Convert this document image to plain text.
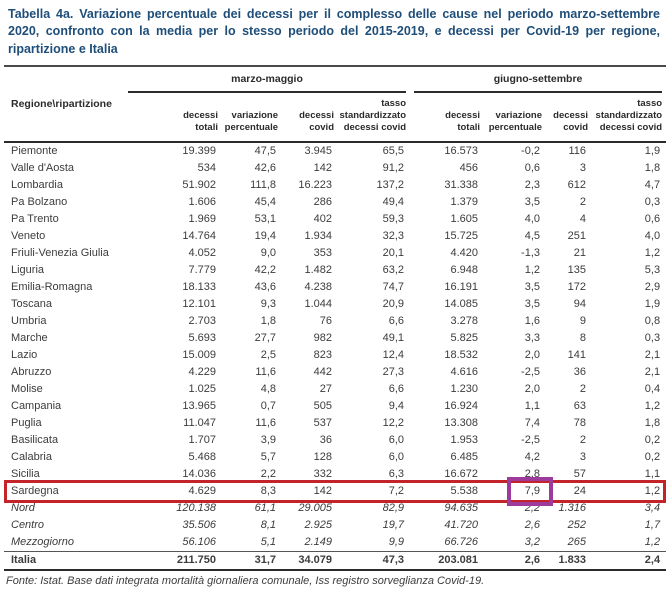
Tabella 4a. Variazione percentuale dei decessi per il complesso delle cause nel periodo marzo-settembre 2020, confronto con la media per lo stesso periodo del 2015-2019, e decessi per Covid-19 per regione, ripartizione e Italia
Regione\ripartizione	marzo-maggio				giugno-settembre			

	decessi totali	variazione percentuale	decessi covid	tasso standardizzato decessi covid	decessi totali	variazione percentuale	decessi covid	tasso standardizzato decessi covid
Piemonte	19.399	47,5	3.945	65,5	16.573	-0,2	116	1,9
Valle d'Aosta	534	42,6	142	91,2	456	0,6	3	1,8
Lombardia	51.902	111,8	16.223	137,2	31.338	2,3	612	4,7
Pa Bolzano	1.606	45,4	286	49,4	1.379	3,5	2	0,3
Pa Trento	1.969	53,1	402	59,3	1.605	4,0	4	0,6
Veneto	14.764	19,4	1.934	32,3	15.725	4,5	251	4,0
Friuli-Venezia Giulia	4.052	9,0	353	20,1	4.420	-1,3	21	1,2
Liguria	7.779	42,2	1.482	63,2	6.948	1,2	135	5,3
Emilia-Romagna	18.133	43,6	4.238	74,7	16.191	3,5	172	2,9
Toscana	12.101	9,3	1.044	20,9	14.085	3,5	94	1,9
Umbria	2.703	1,8	76	6,6	3.278	1,6	9	0,8
Marche	5.693	27,7	982	49,1	5.825	3,3	8	0,3
Lazio	15.009	2,5	823	12,4	18.532	2,0	141	2,1
Abruzzo	4.229	11,6	442	27,3	4.616	-2,5	36	2,1
Molise	1.025	4,8	27	6,6	1.230	2,0	2	0,4
Campania	13.965	0,7	505	9,4	16.924	1,1	63	1,2
Puglia	11.047	11,6	537	12,2	13.308	7,4	78	1,8
Basilicata	1.707	3,9	36	6,0	1.953	-2,5	2	0,2
Calabria	5.468	5,7	128	6,0	6.485	4,2	3	0,2
Sicilia	14.036	2,2	332	6,3	16.672	2,8	57	1,1
Sardegna	4.629	8,3	142	7,2	5.538	7,9	24	1,2
Nord	120.138	61,1	29.005	82,9	94.635	2,2	1.316	3,4
Centro	35.506	8,1	2.925	19,7	41.720	2,6	252	1,7
Mezzogiorno	56.106	5,1	2.149	9,9	66.726	3,2	265	1,2
Italia	211.750	31,7	34.079	47,3	203.081	2,6	1.833	2,4
Fonte: Istat. Base dati integrata mortalità giornaliera comunale, Iss registro sorveglianza Covid-19.
